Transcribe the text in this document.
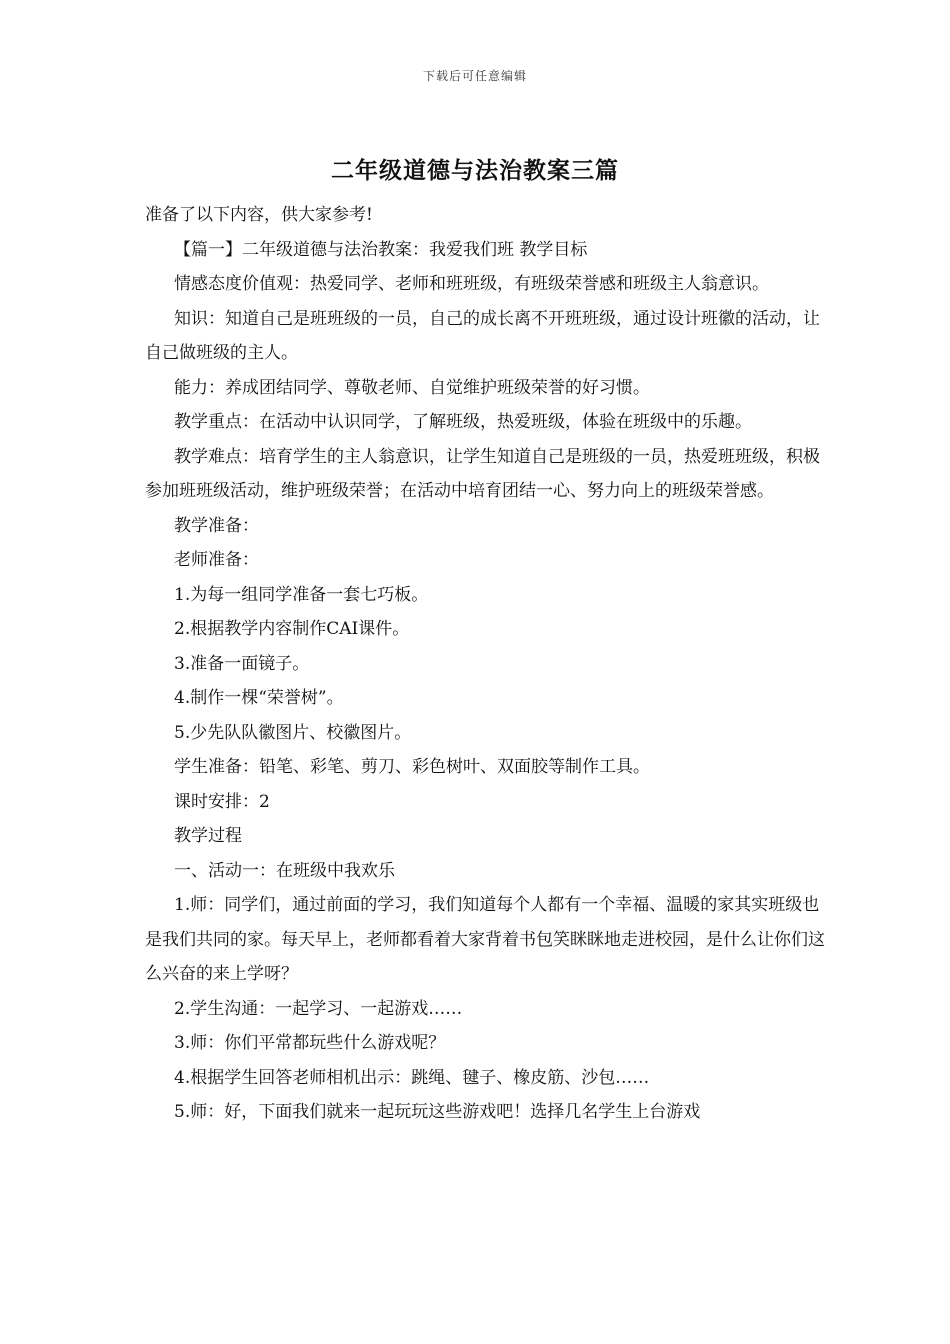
下载后可任意编辑
二年级道德与法治教案三篇

准备了以下内容，供大家参考!

【篇一】二年级道德与法治教案：我爱我们班 教学目标

情感态度价值观：热爱同学、老师和班班级，有班级荣誉感和班级主人翁意识。

知识：知道自己是班班级的一员，自己的成长离不开班班级，通过设计班徽的活动，让自己做班级的主人。

能力：养成团结同学、尊敬老师、自觉维护班级荣誉的好习惯。

教学重点：在活动中认识同学，了解班级，热爱班级，体验在班级中的乐趣。

教学难点：培育学生的主人翁意识，让学生知道自己是班级的一员，热爱班班级，积极参加班班级活动，维护班级荣誉；在活动中培育团结一心、努力向上的班级荣誉感。

教学准备：

老师准备：

1.为每一组同学准备一套七巧板。

2.根据教学内容制作CAI课件。

3.准备一面镜子。

4.制作一棵“荣誉树”。

5.少先队队徽图片、校徽图片。

学生准备：铅笔、彩笔、剪刀、彩色树叶、双面胶等制作工具。

课时安排：2

教学过程

一、活动一：在班级中我欢乐

1.师：同学们，通过前面的学习，我们知道每个人都有一个幸福、温暖的家其实班级也是我们共同的家。每天早上，老师都看着大家背着书包笑眯眯地走进校园，是什么让你们这么兴奋的来上学呀？

2.学生沟通：一起学习、一起游戏……

3.师：你们平常都玩些什么游戏呢？

4.根据学生回答老师相机出示：跳绳、毽子、橡皮筋、沙包……

5.师：好，下面我们就来一起玩玩这些游戏吧！选择几名学生上台游戏
